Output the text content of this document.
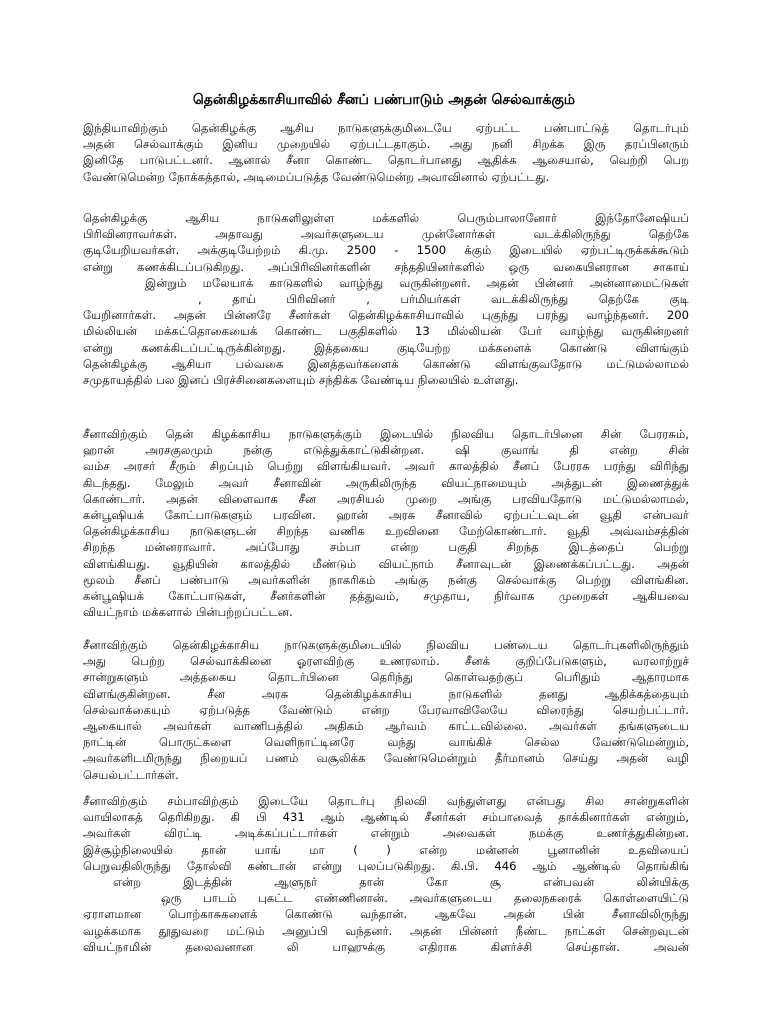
தென்கிழக்காசியாவில் சீனப் பண்பாடும் அதன் செல்வாக்கும்
இந்தியாவிற்கும் தென்கிழக்கு ஆசிய நாடுகளுக்குமிடையே ஏற்பட்ட பண்பாட்டுத் தொடர்பும்
அதன் செல்வாக்கும் இனிய முறையில் ஏற்பட்டதாகும். அது நனி சிறக்க இரு தரப்பினரும்
இனிதே பாடுபட்டனர். ஆனால் சீனா கொண்ட தொடர்பானது ஆதிக்க ஆசையால், வெற்றி பெற
வேண்டுமென்ற நோக்கத்தால், அடிமைப்படுத்த வேண்டுமென்ற அவாவினால் ஏற்பட்டது.
தென்கிழக்கு ஆசிய நாடுகளிலுள்ள மக்களில் பெரும்பாலானோர் இந்தோனேஷியப்
பிரிவினராவர்கள். அதாவது அவர்களுடைய முன்னோர்கள் வடக்கிலிருந்து தெற்கே
குடியேறியவர்கள். அக்குடியேற்றம் கி.மு. 2500 - 1500 க்கும் இடையில் ஏற்பட்டிருக்கக்கூடும்
என்று கணக்கிடப்படுகிறது. அப்பிரிவினர்களின் சந்ததியினர்களில் ஒரு வகையினரான சாகாய்
இன்றும் மலேயாக் காடுகளில் வாழ்ந்து வருகின்றனர். அதன் பின்னர் அன்னாமைட்டுகள்
, தாய் பிரிவினர் , பர்மியர்கள் வடக்கிலிருந்து தெற்கே குடி
யேறினார்கள். அதன் பின்னரே சீனர்கள் தென்கிழக்காசியாவில் புகுந்து பரந்து வாழ்ந்தனர். 200
மில்லியன் மக்கட்தொகையைக் கொண்ட பகுதிகளில் 13 மில்லியன் பேர் வாழ்ந்து வருகின்றனர்
என்று கணக்கிடப்பட்டிருக்கின்றது. இத்தகைய குடியேற்ற மக்களைக் கொண்டு விளங்கும்
தென்கிழக்கு ஆசியா பல்வகை இனத்தவர்களைக் கொண்டு விளங்குவதோடு மட்டுமல்லாமல்
சமுதாயத்தில் பல இனப் பிரச்சினைகளையும் சந்திக்க வேண்டிய நிலையில் உள்ளது.
சீனாவிற்கும் தென் கிழக்காசிய நாடுகளுக்கும் இடையில் நிலவிய தொடர்பினை சின் பேரரசும்,
ஹான் அரசகுலமும் நன்கு எடுத்துக்காட்டுகின்றன. ஷி குவாங் தி என்ற சின்
வம்ச அரசர் சீரும் சிறப்பும் பெற்று விளங்கியவர். அவர் காலத்தில் சீனப் பேரரசு பரந்து விரிந்து
கிடந்தது. மேலும் அவர் சீனாவின் அருகிலிருந்த வியட்நாமையும் அத்துடன் இணைத்துக்
கொண்டார். அதன் விளைவாக சீன அரசியல் முறை அங்கு பரவியதோடு மட்டுமல்லாமல்,
கன்பூஷியக் கோட்பாடுகளும் பரவின. ஹான் அரசு சீனாவில் ஏற்பட்டவுடன் வூதி என்பவர்
தென்கிழக்காசிய நாடுகளுடன் சிறந்த வணிக உறவினை மேற்கொண்டார். வூதி அவ்வம்சத்தின்
சிறந்த மன்னராவார். அப்போது சம்பா என்ற பகுதி சிறந்த இடத்தைப் பெற்று
விளங்கியது. வூதியின் காலத்தில் மீண்டும் வியட்நாம் சீனாவுடன் இணைக்கப்பட்டது. அதன்
மூலம் சீனப் பண்பாடு அவர்களின் நாகரிகம் அங்கு நன்கு செல்வாக்கு பெற்று விளங்கின.
கன்பூஷியக் கோட்பாடுகள், சீனர்களின் தத்துவம், சமுதாய, நிர்வாக முறைகள் ஆகியவை
வியட்நாம் மக்களால் பின்பற்றப்பட்டன.
சீனாவிற்கும் தென்கிழக்காசிய நாடுகளுக்குமிடையில் நிலவிய பண்டைய தொடர்புகளிலிருந்தும்
அது பெற்ற செல்வாக்கினை ஓரளவிற்கு உணரலாம். சீனக் குறிப்பேடுகளும், வரலாற்றுச்
சான்றுகளும் அத்தகைய தொடர்பினை தெரிந்து கொள்வதற்குப் பெரிதும் ஆதாரமாக
விளங்குகின்றன. சீன அரசு தென்கிழக்காசிய நாடுகளில் தனது ஆதிக்கத்தையும்
செல்வாக்கையும் ஏற்படுத்த வேண்டும் என்ற பேரவாவிலேயே விரைந்து செயற்பட்டார்.
ஆகையால் அவர்கள் வாணிபத்தில் அதிகம் ஆர்வம் காட்டவில்லை. அவர்கள் தங்களுடைய
நாட்டின் பொருட்களை வெளிநாட்டினரே வந்து வாங்கிச் செல்ல வேண்டுமென்றும்,
அவர்களிடமிருந்து நிறையப் பணம் வசூலிக்க வேண்டுமென்றும் தீர்மானம் செய்து அதன் வழி
செயல்பட்டார்கள்.
சீனாவிற்கும் சம்பாவிற்கும் இடையே தொடர்பு நிலவி வந்துள்ளது என்பது சில சான்றுகளின்
வாயிலாகத் தெரிகிறது. கி பி 431 ஆம் ஆண்டில் சீனர்கள் சம்பாவைத் தாக்கினார்கள் என்றும்,
அவர்கள் விரட்டி அடிக்கப்பட்டார்கள் என்றும் அவைகள் நமக்கு உணர்த்துகின்றன.
இச்சூழ்நிலையில் தான் யாங் மா ( ) என்ற மன்னன் பூனானின் உதவியைப்
பெறுவதிலிருந்து தோல்வி கண்டான் என்று புலப்படுகிறது. கி.பி. 446 ஆம் ஆண்டில் தொங்கிங்
என்ற இடத்தின் ஆளுநர் தான் கோ சூ என்பவன் லின்யிக்கு
ஒரு பாடம் புகட்ட எண்ணினான். அவர்களுடைய தலைநகரைக் கொள்ளையிட்டு
ஏராளமான பொற்காசுகளைக் கொண்டு வந்தான். ஆகவே அதன் பின் சீனாவிலிருந்து
வழக்கமாக தூதுவரை மட்டும் அனுப்பி வந்தனர். அதன் பின்னர் நீண்ட நாட்கள் சென்றவுடன்
வியட்நாமின் தலைவனான லி பாஹுக்கு எதிராக கிளர்ச்சி செய்தான். அவன்
